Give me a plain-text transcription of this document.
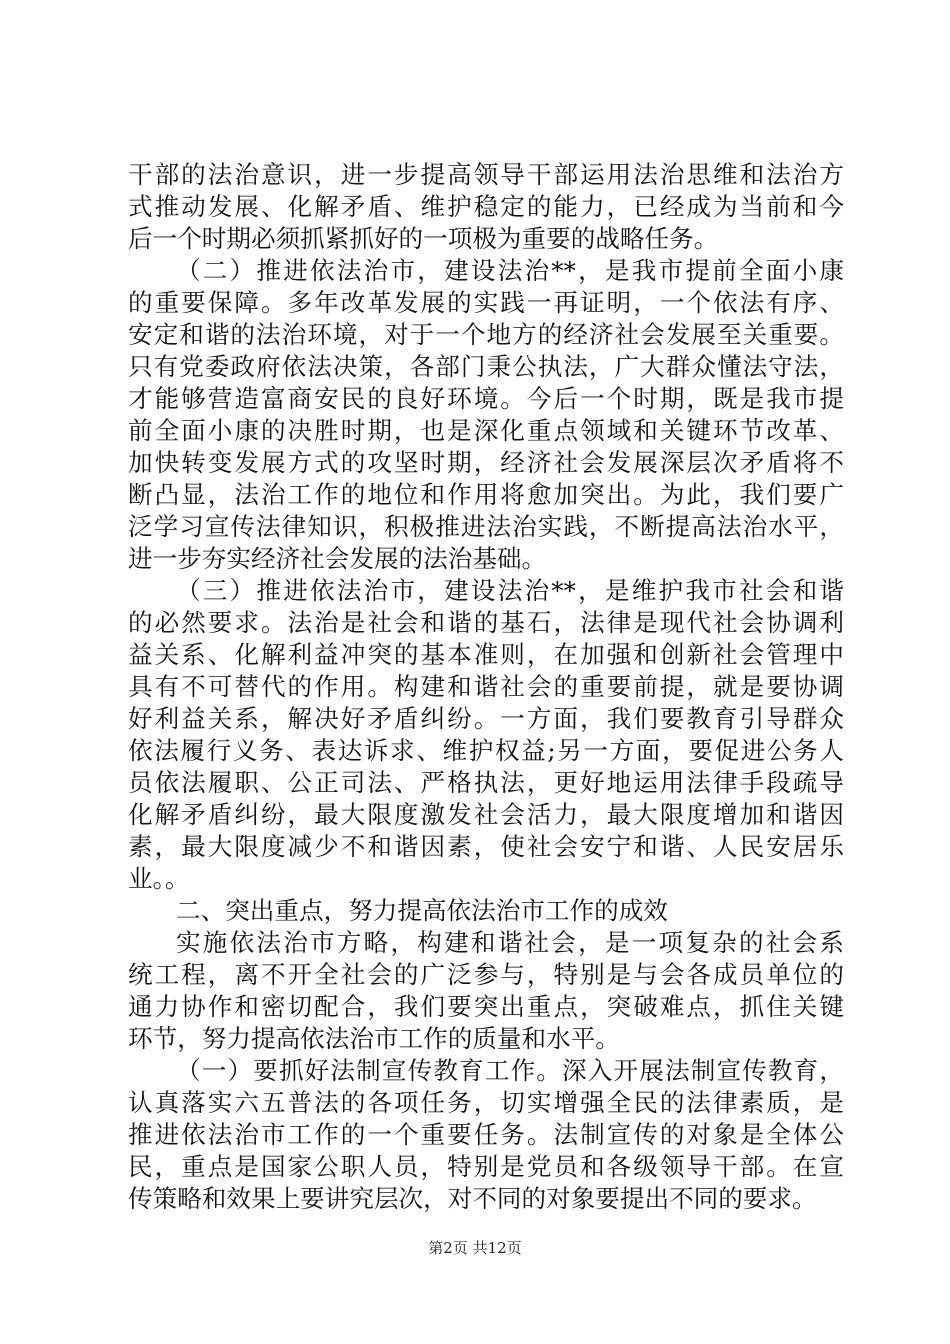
干部的法治意识，进一步提高领导干部运用法治思维和法治方
式推动发展、化解矛盾、维护稳定的能力，已经成为当前和今
后一个时期必须抓紧抓好的一项极为重要的战略任务。
（二）推进依法治市，建设法治**，是我市提前全面小康
的重要保障。多年改革发展的实践一再证明，一个依法有序、
安定和谐的法治环境，对于一个地方的经济社会发展至关重要。
只有党委政府依法决策，各部门秉公执法，广大群众懂法守法，
才能够营造富商安民的良好环境。今后一个时期，既是我市提
前全面小康的决胜时期，也是深化重点领域和关键环节改革、
加快转变发展方式的攻坚时期，经济社会发展深层次矛盾将不
断凸显，法治工作的地位和作用将愈加突出。为此，我们要广
泛学习宣传法律知识，积极推进法治实践，不断提高法治水平，
进一步夯实经济社会发展的法治基础。
（三）推进依法治市，建设法治**，是维护我市社会和谐
的必然要求。法治是社会和谐的基石，法律是现代社会协调利
益关系、化解利益冲突的基本准则，在加强和创新社会管理中
具有不可替代的作用。构建和谐社会的重要前提，就是要协调
好利益关系，解决好矛盾纠纷。一方面，我们要教育引导群众
依法履行义务、表达诉求、维护权益;另一方面，要促进公务人
员依法履职、公正司法、严格执法，更好地运用法律手段疏导
化解矛盾纠纷，最大限度激发社会活力，最大限度增加和谐因
素，最大限度减少不和谐因素，使社会安宁和谐、人民安居乐
业。。
二、突出重点，努力提高依法治市工作的成效
实施依法治市方略，构建和谐社会，是一项复杂的社会系
统工程，离不开全社会的广泛参与，特别是与会各成员单位的
通力协作和密切配合，我们要突出重点，突破难点，抓住关键
环节，努力提高依法治市工作的质量和水平。
（一）要抓好法制宣传教育工作。深入开展法制宣传教育，
认真落实六五普法的各项任务，切实增强全民的法律素质，是
推进依法治市工作的一个重要任务。法制宣传的对象是全体公
民，重点是国家公职人员，特别是党员和各级领导干部。在宣
传策略和效果上要讲究层次，对不同的对象要提出不同的要求。
第2页 共12页
